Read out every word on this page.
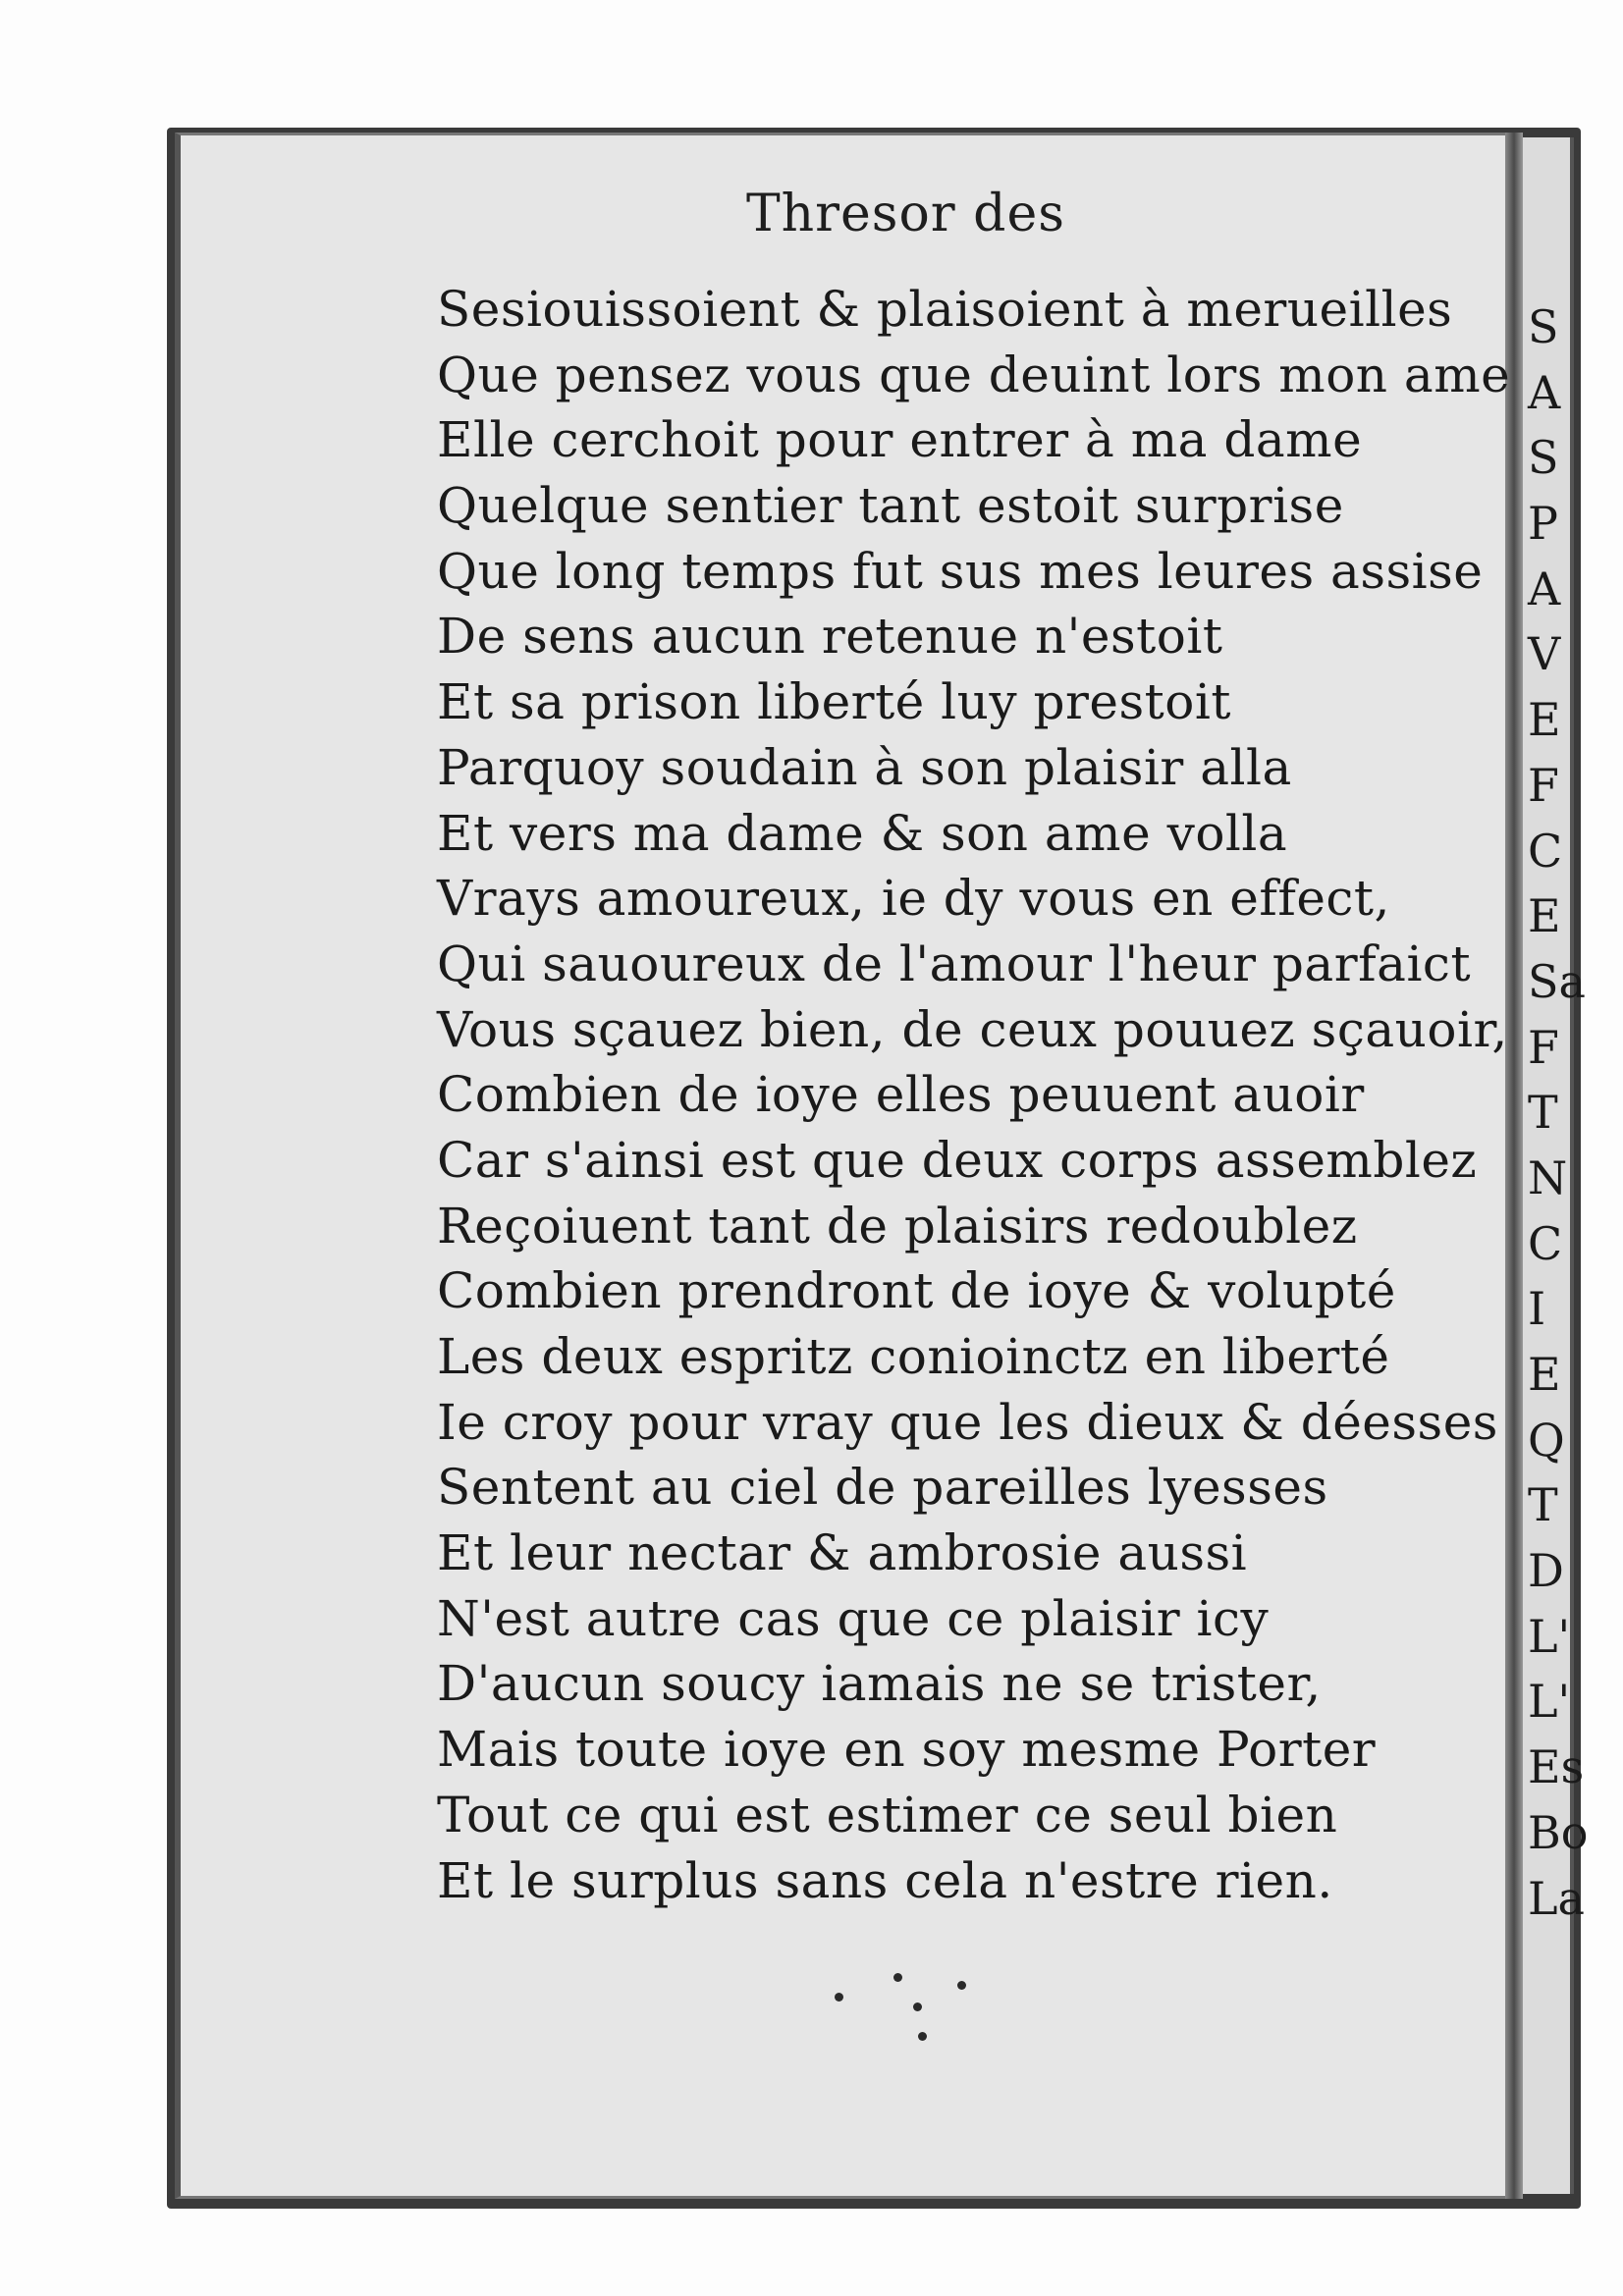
Thresor des
Sesiouissoient & plaisoient à merueilles
Que pensez vous que deuint lors mon ame
Elle cerchoit pour entrer à ma dame
Quelque sentier tant estoit surprise
Que long temps fut sus mes leures assise
De sens aucun retenue n'estoit
Et sa prison liberté luy prestoit
Parquoy soudain à son plaisir alla
Et vers ma dame & son ame volla
Vrays amoureux, ie dy vous en effect,
Qui sauoureux de l'amour l'heur parfaict
Vous sçauez bien, de ceux pouuez sçauoir,
Combien de ioye elles peuuent auoir
Car s'ainsi est que deux corps assemblez
Reçoiuent tant de plaisirs redoublez
Combien prendront de ioye & volupté
Les deux espritz conioinctz en liberté
Ie croy pour vray que les dieux & déesses
Sentent au ciel de pareilles lyesses
Et leur nectar & ambrosie aussi
N'est autre cas que ce plaisir icy
D'aucun soucy iamais ne se trister,
Mais toute ioye en soy mesme Porter
Tout ce qui est estimer ce seul bien
Et le surplus sans cela n'estre rien.
S
A
S
P
A
V
E
F
C
E
Sa
F
T
N
C
I
E
Q
T
D
L'
L'
Es
Bo
La
